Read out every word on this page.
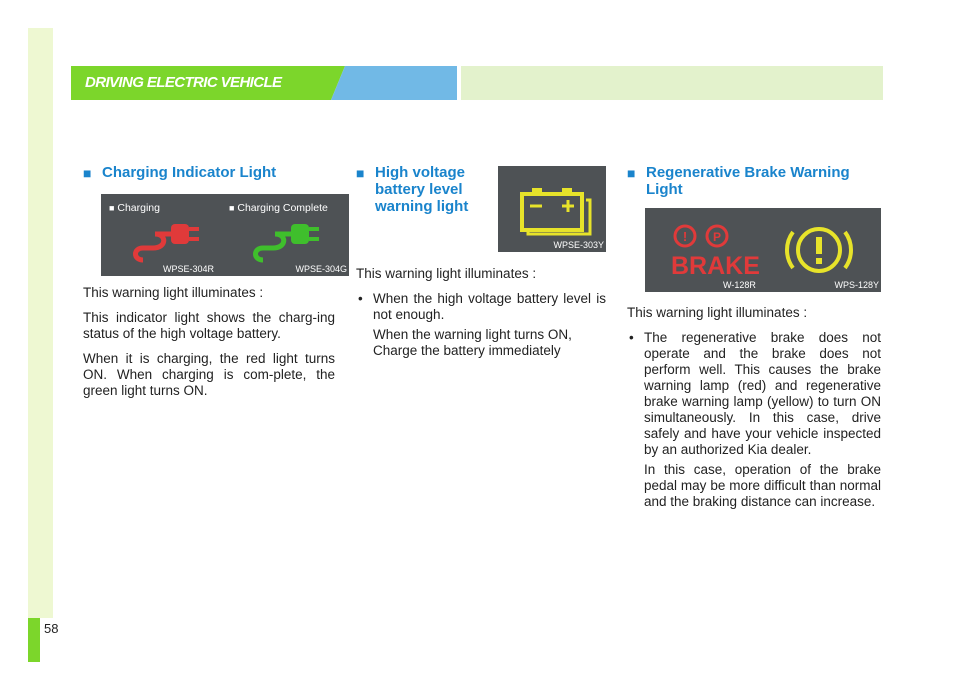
58
DRIVING ELECTRIC VEHICLE
■ Charging Indicator Light
■ Charging	■ Charging Complete
WPSE-304R	WPSE-304G

This warning light illuminates :

This indicator light shows the charg-ing status of the high voltage battery.

When it is charging, the red light turns ON. When charging is com-plete, the green light turns ON.

■ High voltage battery level warning light
WPSE-303Y

This warning light illuminates :

• When the high voltage battery level is not enough.

When the warning light turns ON, Charge the battery immediately

■ Regenerative Brake Warning Light
! P
BRAKE
W-128R	WPS-128Y

This warning light illuminates :

• The regenerative brake does not operate and the brake does not perform well. This causes the brake warning lamp (red) and regenerative brake warning lamp (yellow) to turn ON simultaneously. In this case, drive safely and have your vehicle inspected by an authorized Kia dealer.

In this case, operation of the brake pedal may be more difficult than normal and the braking distance can increase.
